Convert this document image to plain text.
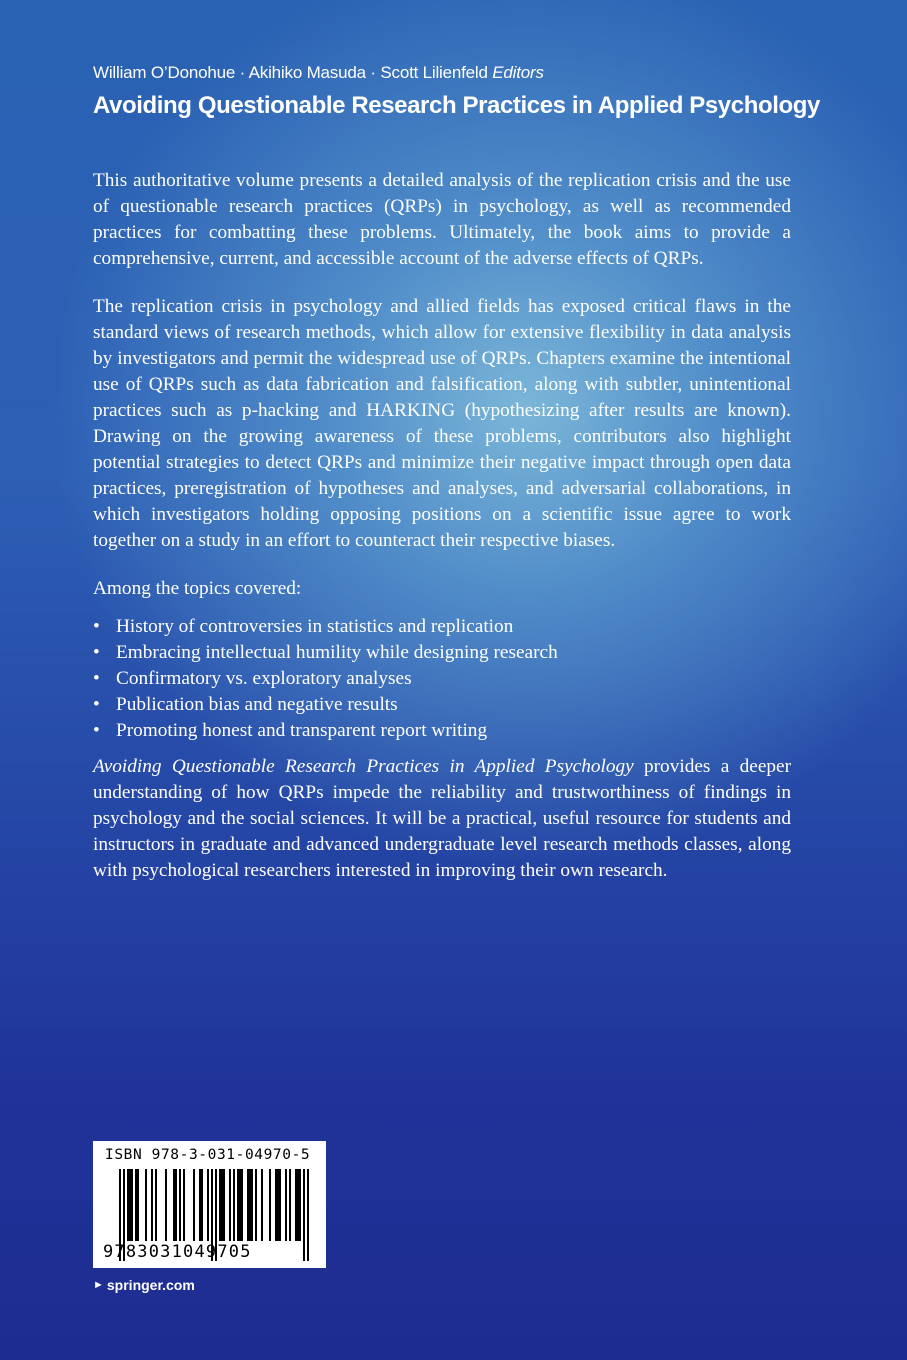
William O’Donohue · Akihiko Masuda · Scott Lilienfeld Editors
Avoiding Questionable Research Practices in Applied Psychology

This authoritative volume presents a detailed analysis of the replication crisis and the use of questionable research practices (QRPs) in psychology, as well as recommended practices for combatting these problems. Ultimately, the book aims to provide a comprehensive, current, and accessible account of the adverse effects of QRPs.

The replication crisis in psychology and allied fields has exposed critical flaws in the standard views of research methods, which allow for extensive flexibility in data analysis by investigators and permit the widespread use of QRPs. Chapters examine the intentional use of QRPs such as data fabrication and falsification, along with subtler, unintentional practices such as p-hacking and HARKING (hypothesizing after results are known). Drawing on the growing awareness of these problems, contributors also highlight potential strategies to detect QRPs and minimize their negative impact through open data practices, preregistration of hypotheses and analyses, and adversarial collaborations, in which investigators holding opposing positions on a scientific issue agree to work together on a study in an effort to counteract their respective biases.

Among the topics covered:

• History of controversies in statistics and replication
• Embracing intellectual humility while designing research
• Confirmatory vs. exploratory analyses
• Publication bias and negative results
• Promoting honest and transparent report writing

Avoiding Questionable Research Practices in Applied Psychology provides a deeper understanding of how QRPs impede the reliability and trustworthiness of findings in psychology and the social sciences. It will be a practical, useful resource for students and instructors in graduate and advanced undergraduate level research methods classes, along with psychological researchers interested in improving their own research.

ISBN 978-3-031-04970-5
9783031049705
► springer.com
